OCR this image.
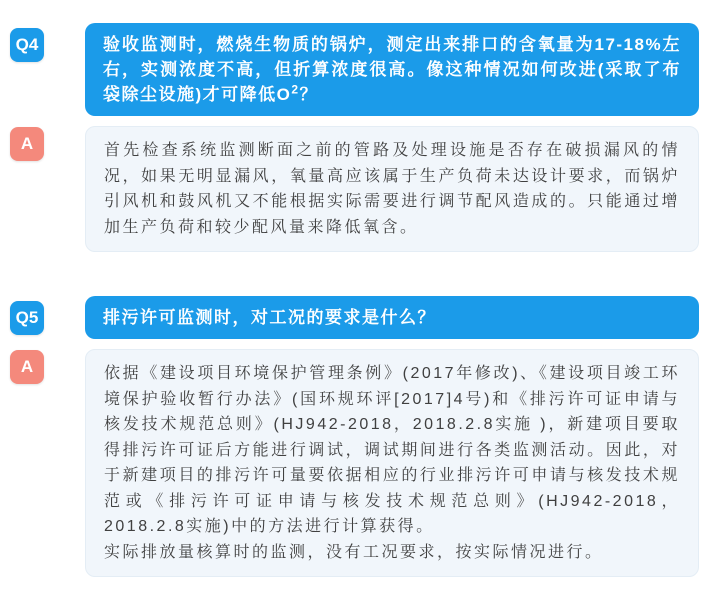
Q4	验收监测时，燃烧生物质的锅炉，测定出来排口的含氧量为17-18%左右，实测浓度不高，但折算浓度很高。像这种情况如何改进(采取了布袋除尘设施)才可降低$O^2$？

A	首先检查系统监测断面之前的管路及处理设施是否存在破损漏风的情况，如果无明显漏风，氧量高应该属于生产负荷未达设计要求，而锅炉引风机和鼓风机又不能根据实际需要进行调节配风造成的。只能通过增加生产负荷和较少配风量来降低氧含。

Q5	排污许可监测时，对工况的要求是什么？

A	依据《建设项目环境保护管理条例》(2017年修改)、《建设项目竣工环境保护验收暂行办法》(国环规环评[2017]4号)和《排污许可证申请与核发技术规范总则》(HJ942-2018，2018.2.8实施 )，新建项目要取得排污许可证后方能进行调试，调试期间进行各类监测活动。因此，对于新建项目的排污许可量要依据相应的行业排污许可申请与核发技术规范或《排污许可证申请与核发技术规范总则》(HJ942-2018，2018.2.8实施)中的方法进行计算获得。

实际排放量核算时的监测，没有工况要求，按实际情况进行。
